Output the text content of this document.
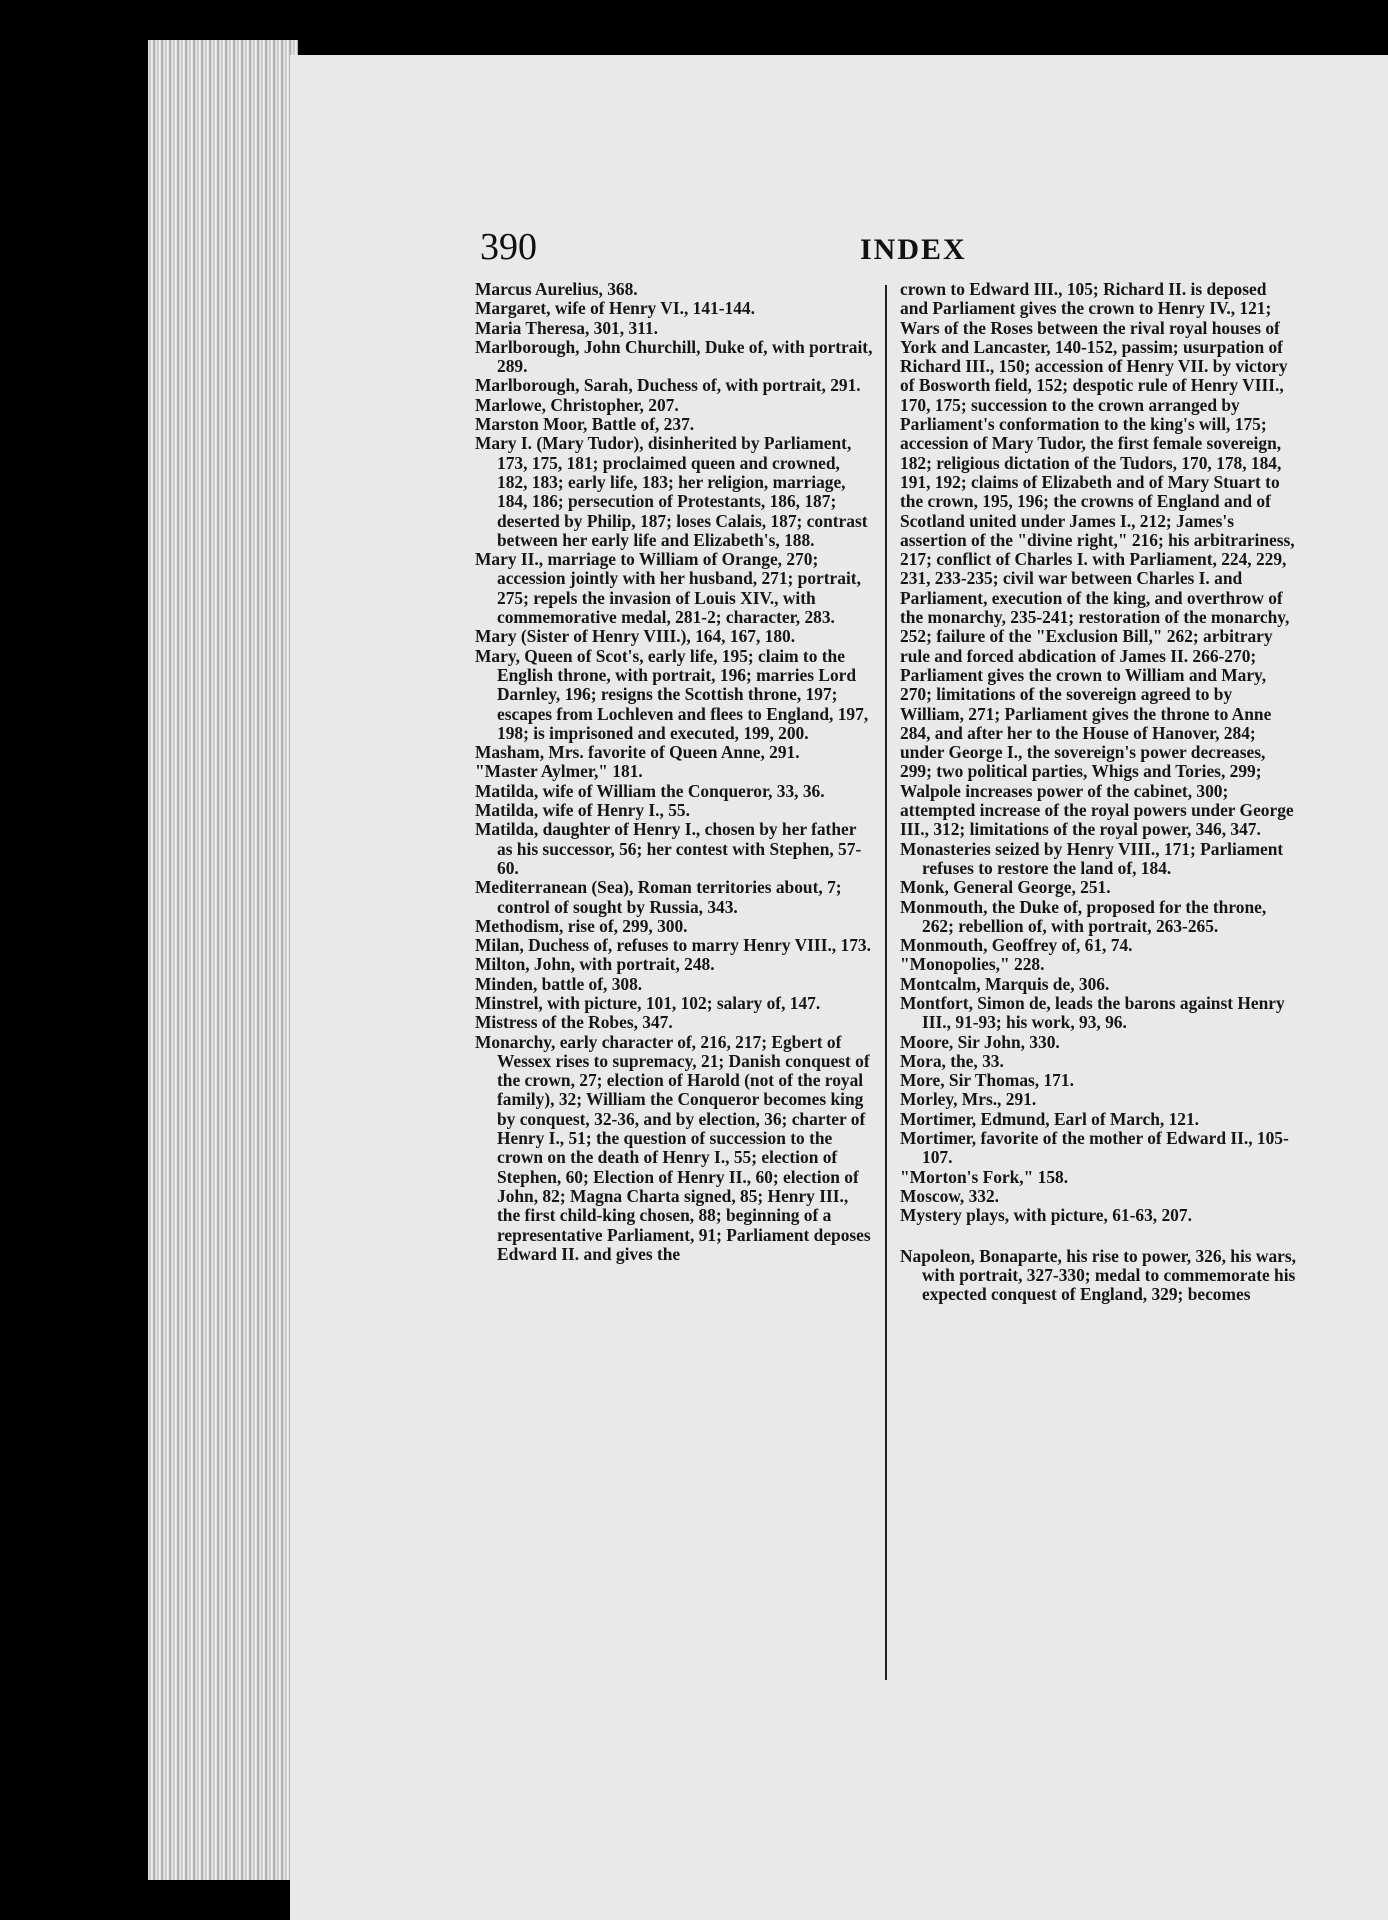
390	INDEX

Marcus Aurelius, 368.

Margaret, wife of Henry VI., 141-144.

Maria Theresa, 301, 311.

Marlborough, John Churchill, Duke of, with portrait, 289.

Marlborough, Sarah, Duchess of, with portrait, 291.

Marlowe, Christopher, 207.

Marston Moor, Battle of, 237.

Mary I. (Mary Tudor), disinherited by Parliament, 173, 175, 181; proclaimed queen and crowned, 182, 183; early life, 183; her religion, marriage, 184, 186; persecution of Protestants, 186, 187; deserted by Philip, 187; loses Calais, 187; contrast between her early life and Elizabeth's, 188.

Mary II., marriage to William of Orange, 270; accession jointly with her husband, 271; portrait, 275; repels the invasion of Louis XIV., with commemorative medal, 281-2; character, 283.

Mary (Sister of Henry VIII.), 164, 167, 180.

Mary, Queen of Scot's, early life, 195; claim to the English throne, with portrait, 196; marries Lord Darnley, 196; resigns the Scottish throne, 197; escapes from Lochleven and flees to England, 197, 198; is imprisoned and executed, 199, 200.

Masham, Mrs. favorite of Queen Anne, 291.

"Master Aylmer," 181.

Matilda, wife of William the Conqueror, 33, 36.

Matilda, wife of Henry I., 55.

Matilda, daughter of Henry I., chosen by her father as his successor, 56; her contest with Stephen, 57-60.

Mediterranean (Sea), Roman territories about, 7; control of sought by Russia, 343.

Methodism, rise of, 299, 300.

Milan, Duchess of, refuses to marry Henry VIII., 173.

Milton, John, with portrait, 248.

Minden, battle of, 308.

Minstrel, with picture, 101, 102; salary of, 147.

Mistress of the Robes, 347.

Monarchy, early character of, 216, 217; Egbert of Wessex rises to supremacy, 21; Danish conquest of the crown, 27; election of Harold (not of the royal family), 32; William the Conqueror becomes king by conquest, 32-36, and by election, 36; charter of Henry I., 51; the question of succession to the crown on the death of Henry I., 55; election of Stephen, 60; Election of Henry II., 60; election of John, 82; Magna Charta signed, 85; Henry III., the first child-king chosen, 88; beginning of a representative Parliament, 91; Parliament deposes Edward II. and gives the

crown to Edward III., 105; Richard II. is deposed and Parliament gives the crown to Henry IV., 121; Wars of the Roses between the rival royal houses of York and Lancaster, 140-152, passim; usurpation of Richard III., 150; accession of Henry VII. by victory of Bosworth field, 152; despotic rule of Henry VIII., 170, 175; succession to the crown arranged by Parliament's conformation to the king's will, 175; accession of Mary Tudor, the first female sovereign, 182; religious dictation of the Tudors, 170, 178, 184, 191, 192; claims of Elizabeth and of Mary Stuart to the crown, 195, 196; the crowns of England and of Scotland united under James I., 212; James's assertion of the "divine right," 216; his arbitrariness, 217; conflict of Charles I. with Parliament, 224, 229, 231, 233-235; civil war between Charles I. and Parliament, execution of the king, and overthrow of the monarchy, 235-241; restoration of the monarchy, 252; failure of the "Exclusion Bill," 262; arbitrary rule and forced abdication of James II. 266-270; Parliament gives the crown to William and Mary, 270; limitations of the sovereign agreed to by William, 271; Parliament gives the throne to Anne 284, and after her to the House of Hanover, 284; under George I., the sovereign's power decreases, 299; two political parties, Whigs and Tories, 299; Walpole increases power of the cabinet, 300; attempted increase of the royal powers under George III., 312; limitations of the royal power, 346, 347.

Monasteries seized by Henry VIII., 171; Parliament refuses to restore the land of, 184.

Monk, General George, 251.

Monmouth, the Duke of, proposed for the throne, 262; rebellion of, with portrait, 263-265.

Monmouth, Geoffrey of, 61, 74.

"Monopolies," 228.

Montcalm, Marquis de, 306.

Montfort, Simon de, leads the barons against Henry III., 91-93; his work, 93, 96.

Moore, Sir John, 330.

Mora, the, 33.

More, Sir Thomas, 171.

Morley, Mrs., 291.

Mortimer, Edmund, Earl of March, 121.

Mortimer, favorite of the mother of Edward II., 105-107.

"Morton's Fork," 158.

Moscow, 332.

Mystery plays, with picture, 61-63, 207.

Napoleon, Bonaparte, his rise to power, 326, his wars, with portrait, 327-330; medal to commemorate his expected conquest of England, 329; becomes
